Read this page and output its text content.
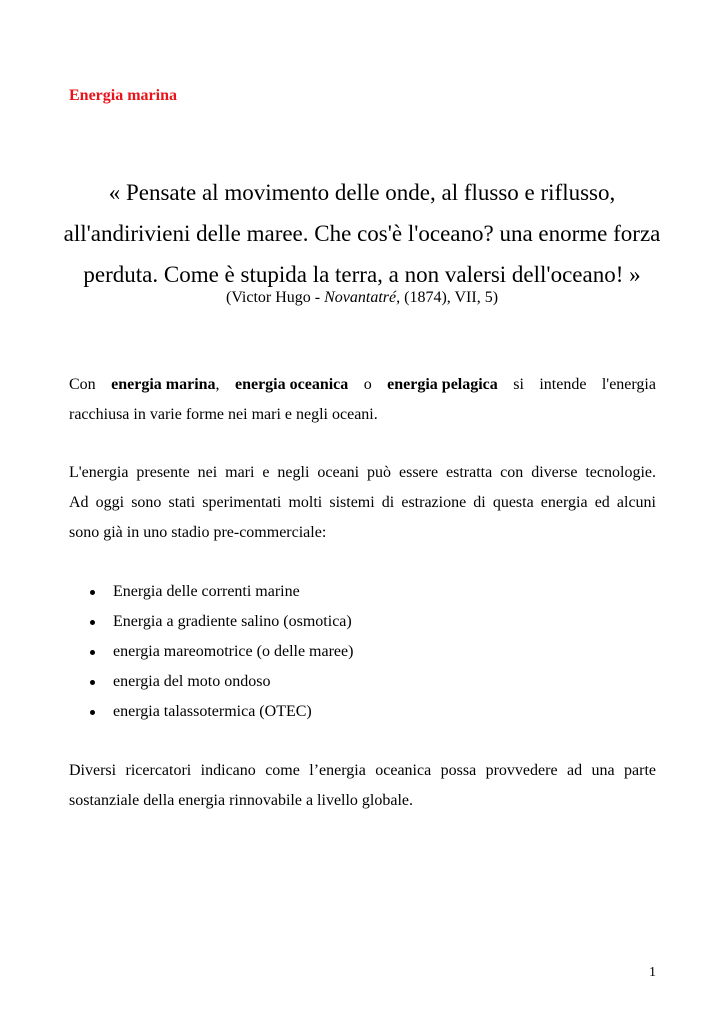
Energia marina

« Pensate al movimento delle onde, al flusso e riflusso,
all'andirivieni delle maree. Che cos'è l'oceano? una enorme forza
perduta. Come è stupida la terra, a non valersi dell'oceano! »

(Victor Hugo - Novantatré, (1874), VII, 5)

Con energia marina, energia oceanica o energia pelagica si intende l'energia
racchiusa in varie forme nei mari e negli oceani.
L'energia presente nei mari e negli oceani può essere estratta con diverse tecnologie.
Ad oggi sono stati sperimentati molti sistemi di estrazione di questa energia ed alcuni
sono già in uno stadio pre-commerciale:
Energia delle correnti marine
Energia a gradiente salino (osmotica)
energia mareomotrice (o delle maree)
energia del moto ondoso
energia talassotermica (OTEC)
Diversi ricercatori indicano come l’energia oceanica possa provvedere ad una parte
sostanziale della energia rinnovabile a livello globale.

1
